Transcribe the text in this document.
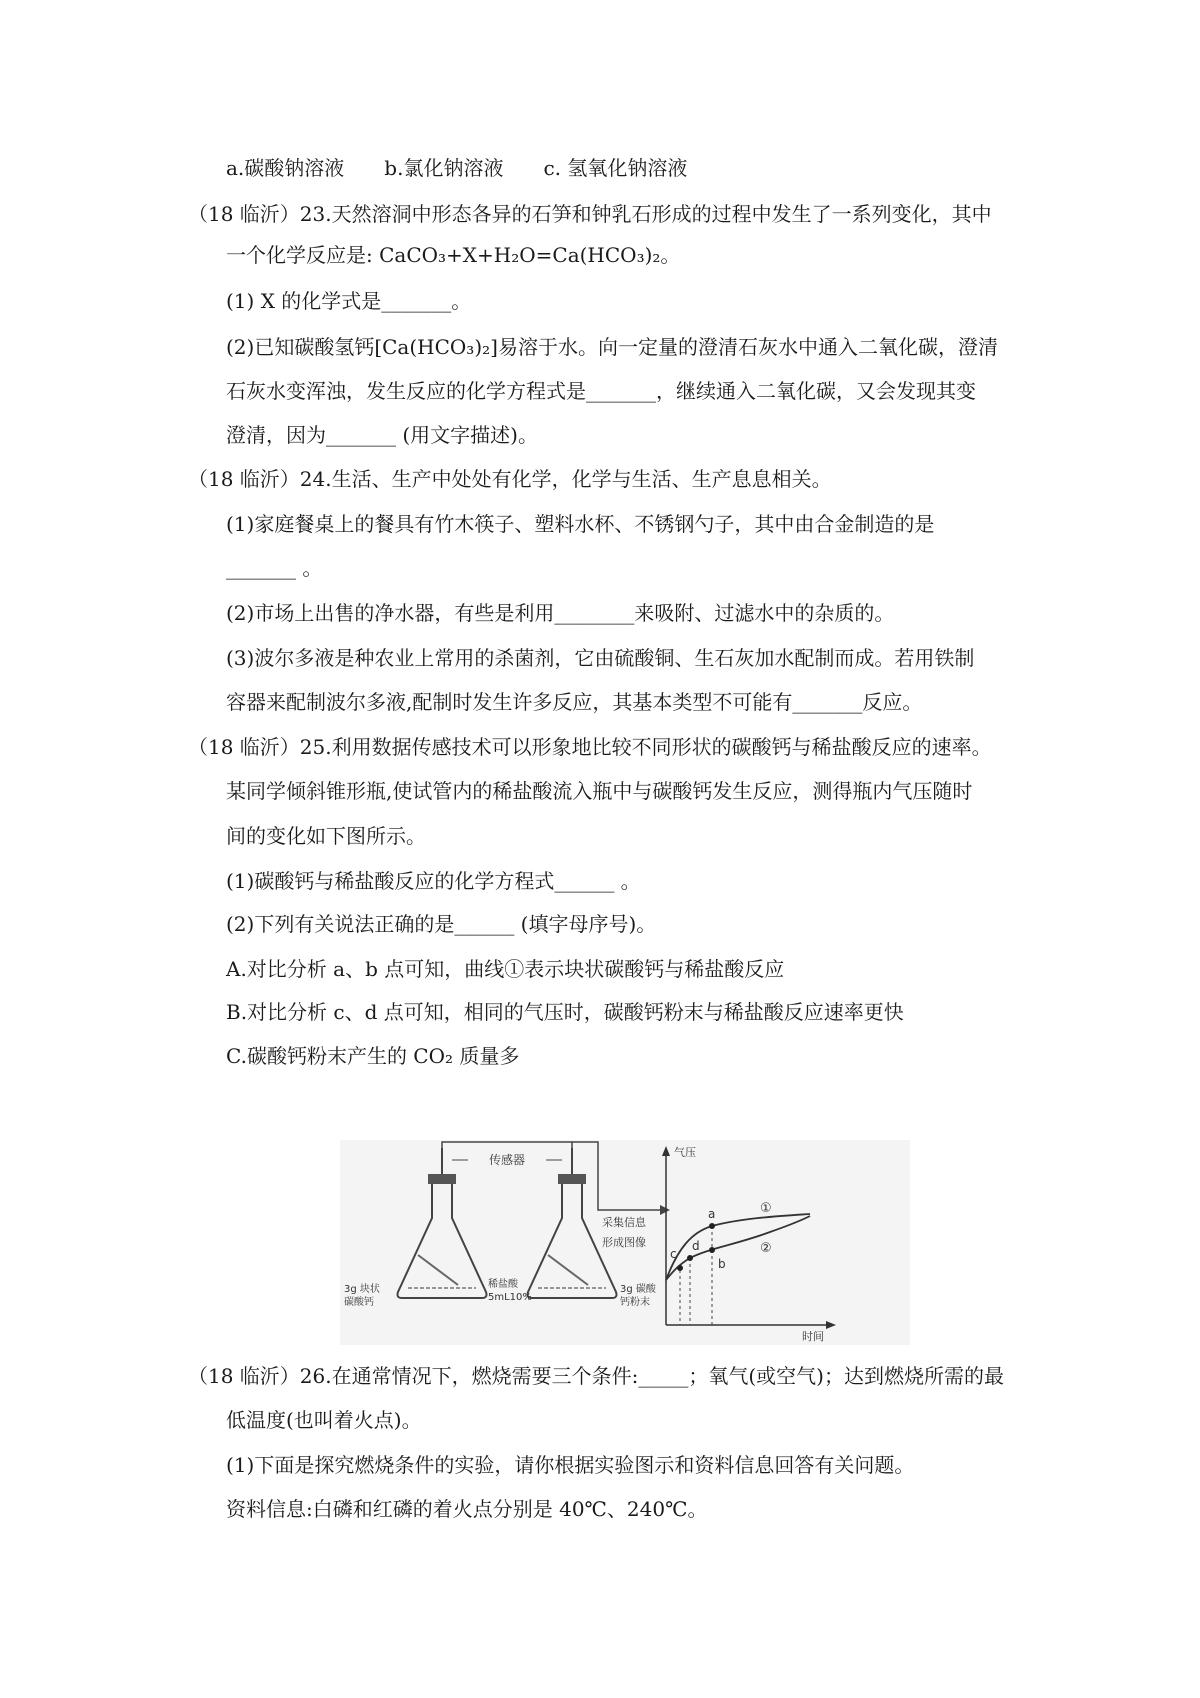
a.碳酸钠溶液　　b.氯化钠溶液　　c. 氢氧化钠溶液
（18 临沂）23.天然溶洞中形态各异的石笋和钟乳石形成的过程中发生了一系列变化，其中
一个化学反应是: CaCO₃+X+H₂O=Ca(HCO₃)₂。
(1) X 的化学式是_______。
(2)已知碳酸氢钙[Ca(HCO₃)₂]易溶于水。向一定量的澄清石灰水中通入二氧化碳，澄清
石灰水变浑浊，发生反应的化学方程式是_______，继续通入二氧化碳，又会发现其变
澄清，因为_______ (用文字描述)。
（18 临沂）24.生活、生产中处处有化学，化学与生活、生产息息相关。
(1)家庭餐桌上的餐具有竹木筷子、塑料水杯、不锈钢勺子，其中由合金制造的是
_______ 。
(2)市场上出售的净水器，有些是利用________来吸附、过滤水中的杂质的。
(3)波尔多液是种农业上常用的杀菌剂，它由硫酸铜、生石灰加水配制而成。若用铁制
容器来配制波尔多液,配制时发生许多反应，其基本类型不可能有_______反应。
（18 临沂）25.利用数据传感技术可以形象地比较不同形状的碳酸钙与稀盐酸反应的速率。
某同学倾斜锥形瓶,使试管内的稀盐酸流入瓶中与碳酸钙发生反应，测得瓶内气压随时
间的变化如下图所示。
(1)碳酸钙与稀盐酸反应的化学方程式______ 。
(2)下列有关说法正确的是______ (填字母序号)。
A.对比分析 a、b 点可知，曲线①表示块状碳酸钙与稀盐酸反应
B.对比分析 c、d 点可知，相同的气压时，碳酸钙粉末与稀盐酸反应速率更快
C.碳酸钙粉末产生的 CO₂ 质量多
传感器
3g 块状
碳酸钙
稀盐酸
5mL10%
3g 碳酸
钙粉末
采集信息
形成图像
气压
时间
a
b
c
d
①
②
（18 临沂）26.在通常情况下，燃烧需要三个条件:_____；氧气(或空气)；达到燃烧所需的最
低温度(也叫着火点)。
(1)下面是探究燃烧条件的实验，请你根据实验图示和资料信息回答有关问题。
资料信息:白磷和红磷的着火点分别是 40℃、240℃。
